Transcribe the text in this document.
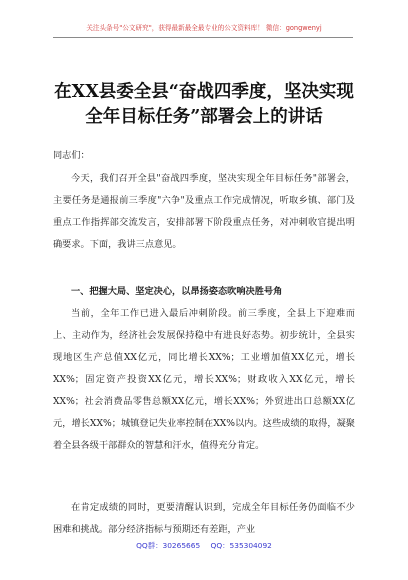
关注头条号"公文研究"，获得最新最全最专业的公文资料库！ 微信：gongwenyj
在XX县委全县“奋战四季度，坚决实现
全年目标任务”部署会上的讲话
同志们：
今天，我们召开全县"奋战四季度，坚决实现全年目标任务"部署会，主要任务是通报前三季度"六争"及重点工作完成情况，听取乡镇、部门及重点工作指挥部交流发言，安排部署下阶段重点任务，对冲刺收官提出明确要求。下面，我讲三点意见。
一、把握大局、坚定决心，以昂扬姿态吹响决胜号角
当前，全年工作已进入最后冲刺阶段。前三季度，全县上下迎难而上、主动作为，经济社会发展保持稳中有进良好态势。初步统计，全县实现地区生产总值XX亿元，同比增长XX%；工业增加值XX亿元，增长XX%；固定资产投资XX亿元，增长XX%；财政收入XX亿元，增长XX%；社会消费品零售总额XX亿元，增长XX%；外贸进出口总额XX亿元，增长XX%；城镇登记失业率控制在XX%以内。这些成绩的取得，凝聚着全县各级干部群众的智慧和汗水，值得充分肯定。
在肯定成绩的同时，更要清醒认识到，完成全年目标任务仍面临不少困难和挑战。部分经济指标与预期还有差距，产业
QQ群：30265665 QQ：535304092
